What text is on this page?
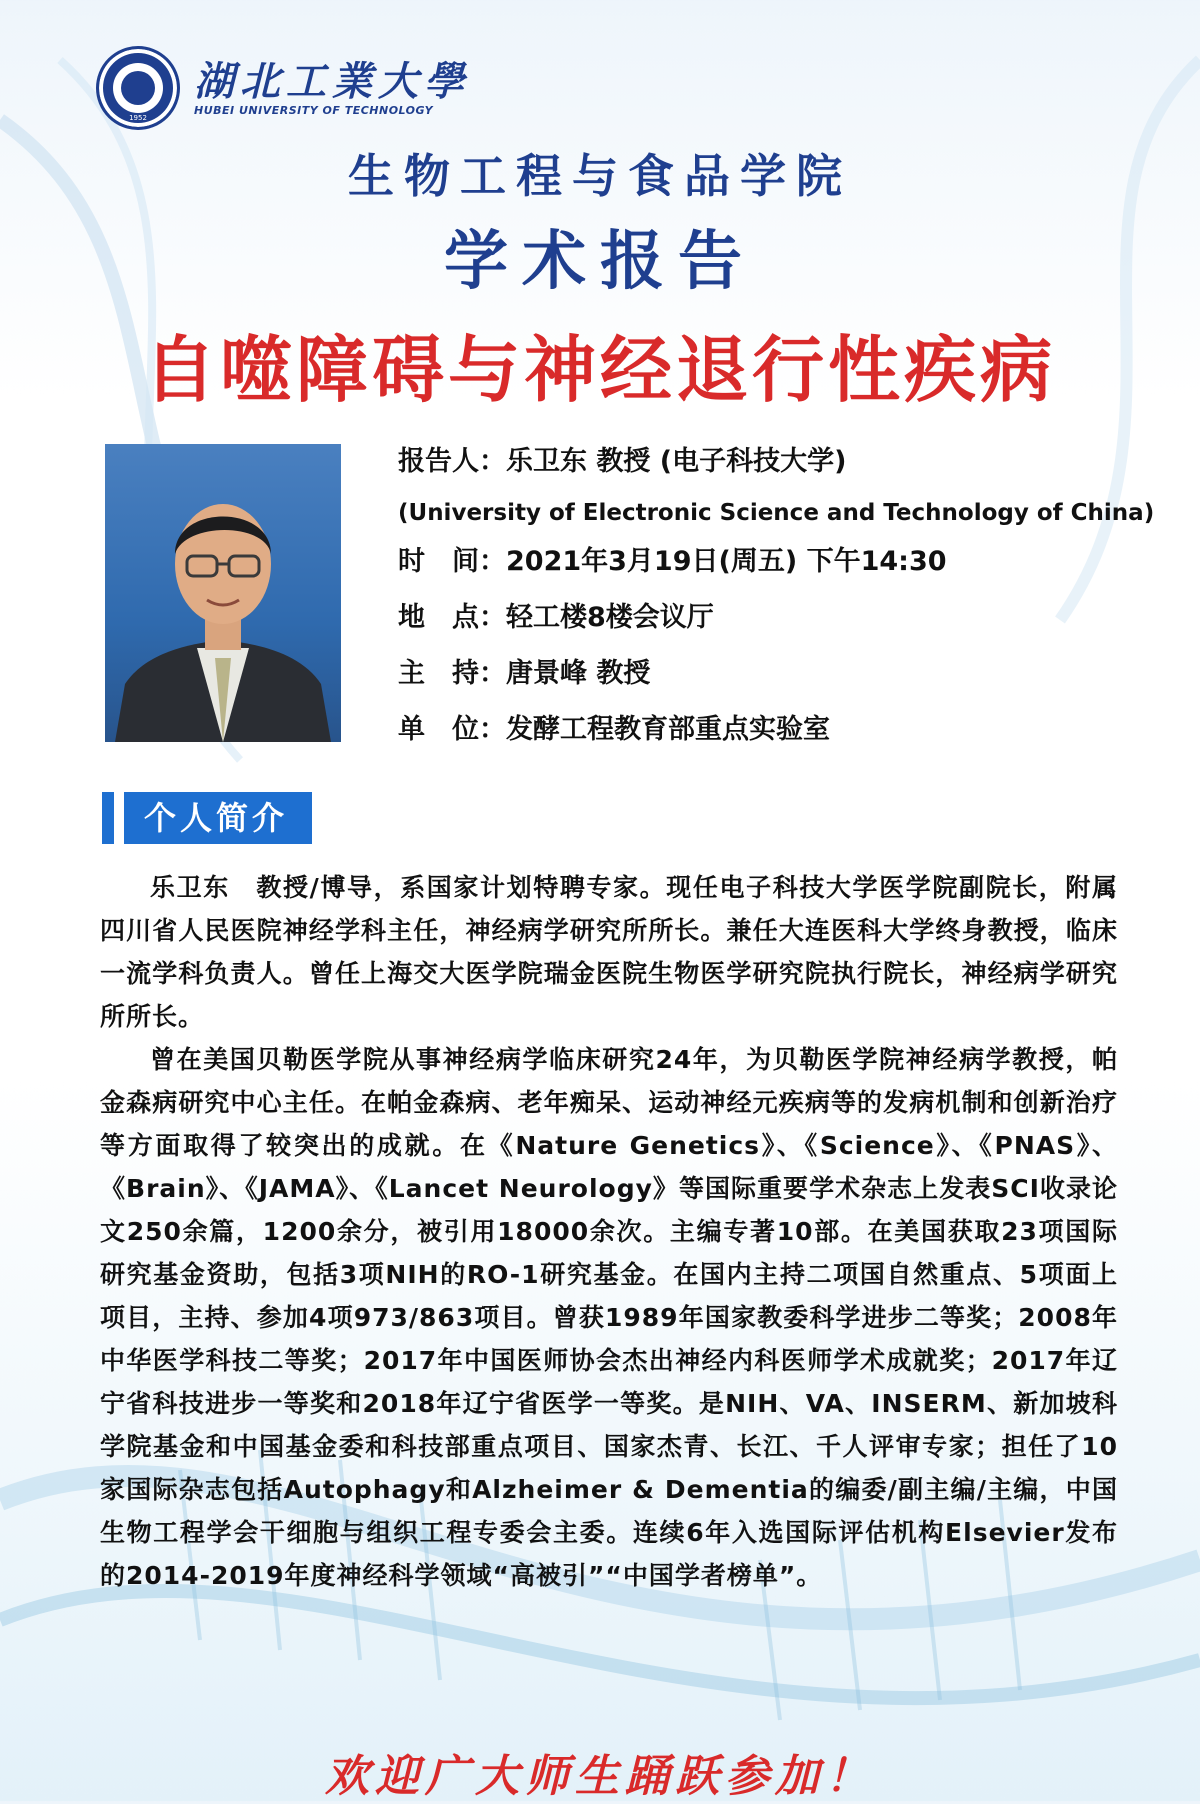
1952
湖北工業大學
HUBEI UNIVERSITY OF TECHNOLOGY
生物工程与食品学院
学术报告
自噬障碍与神经退行性疾病
报告人：乐卫东 教授 (电子科技大学)
(University of Electronic Science and Technology of China)
时　间：2021年3月19日(周五) 下午14:30
地　点：轻工楼8楼会议厅
主　持：唐景峰 教授
单　位：发酵工程教育部重点实验室
个人简介

乐卫东　教授/博导，系国家计划特聘专家。现任电子科技大学医学院副院长，附属四川省人民医院神经学科主任，神经病学研究所所长。兼任大连医科大学终身教授，临床一流学科负责人。曾任上海交大医学院瑞金医院生物医学研究院执行院长，神经病学研究所所长。

曾在美国贝勒医学院从事神经病学临床研究24年，为贝勒医学院神经病学教授，帕金森病研究中心主任。在帕金森病、老年痴呆、运动神经元疾病等的发病机制和创新治疗等方面取得了较突出的成就。在《Nature Genetics》、《Science》、《PNAS》、《Brain》、《JAMA》、《Lancet Neurology》等国际重要学术杂志上发表SCI收录论文250余篇，1200余分，被引用18000余次。主编专著10部。在美国获取23项国际研究基金资助，包括3项NIH的RO-1研究基金。在国内主持二项国自然重点、5项面上项目，主持、参加4项973/863项目。曾获1989年国家教委科学进步二等奖；2008年中华医学科技二等奖；2017年中国医师协会杰出神经内科医师学术成就奖；2017年辽宁省科技进步一等奖和2018年辽宁省医学一等奖。是NIH、VA、INSERM、新加坡科学院基金和中国基金委和科技部重点项目、国家杰青、长江、千人评审专家；担任了10家国际杂志包括Autophagy和Alzheimer & Dementia的编委/副主编/主编，中国生物工程学会干细胞与组织工程专委会主委。连续6年入选国际评估机构Elsevier发布的2014-2019年度神经科学领域“高被引”“中国学者榜单”。

欢迎广大师生踊跃参加！
